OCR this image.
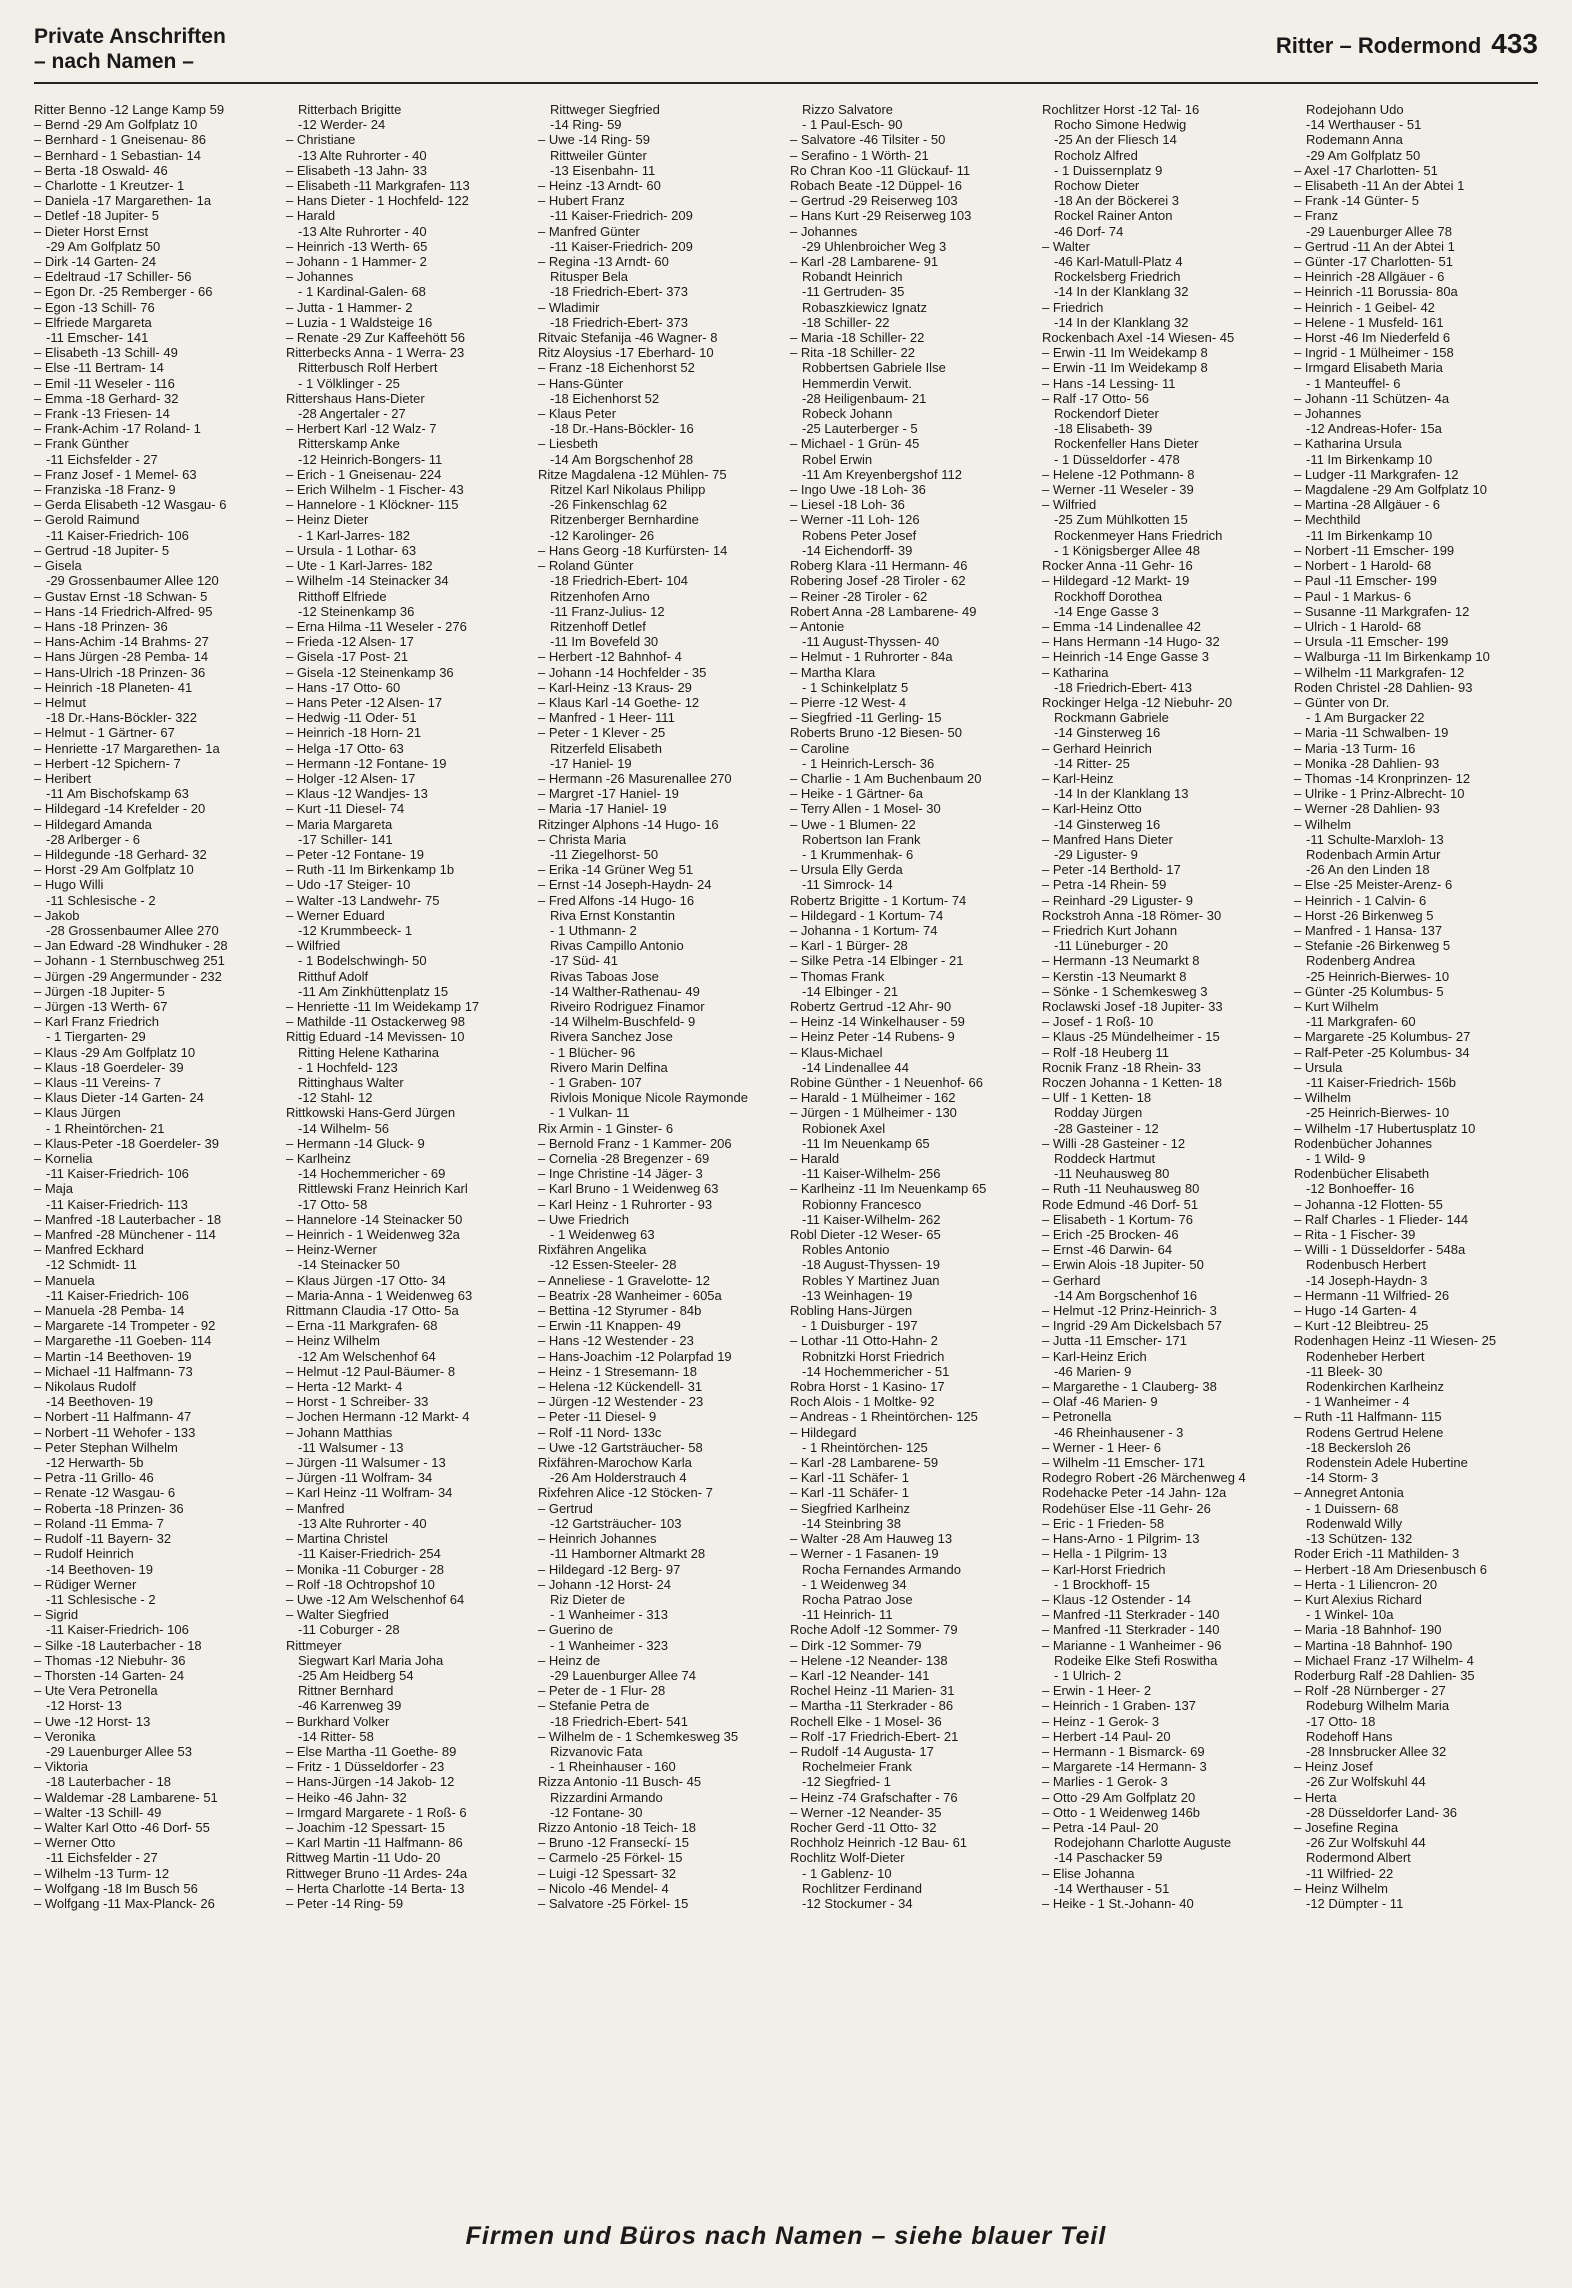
Private Anschriften
– nach Namen –
Ritter – Rodermond 433
Ritter Benno -12 Lange Kamp 59
– Bernd -29 Am Golfplatz 10
– Bernhard - 1 Gneisenau- 86
– Bernhard - 1 Sebastian- 14
– Berta -18 Oswald- 46
– Charlotte - 1 Kreutzer- 1
– Daniela -17 Margarethen- 1a
– Detlef -18 Jupiter- 5
– Dieter Horst Ernst
-29 Am Golfplatz 50
– Dirk -14 Garten- 24
– Edeltraud -17 Schiller- 56
– Egon Dr. -25 Remberger - 66
– Egon -13 Schill- 76
– Elfriede Margareta
-11 Emscher- 141
– Elisabeth -13 Schill- 49
– Else -11 Bertram- 14
– Emil -11 Weseler - 116
– Emma -18 Gerhard- 32
– Frank -13 Friesen- 14
– Frank-Achim -17 Roland- 1
– Frank Günther
-11 Eichsfelder - 27
– Franz Josef - 1 Memel- 63
– Franziska -18 Franz- 9
– Gerda Elisabeth -12 Wasgau- 6
– Gerold Raimund
-11 Kaiser-Friedrich- 106
– Gertrud -18 Jupiter- 5
– Gisela
-29 Grossenbaumer Allee 120
– Gustav Ernst -18 Schwan- 5
– Hans -14 Friedrich-Alfred- 95
– Hans -18 Prinzen- 36
– Hans-Achim -14 Brahms- 27
– Hans Jürgen -28 Pemba- 14
– Hans-Ulrich -18 Prinzen- 36
– Heinrich -18 Planeten- 41
– Helmut
-18 Dr.-Hans-Böckler- 322
– Helmut - 1 Gärtner- 67
– Henriette -17 Margarethen- 1a
– Herbert -12 Spichern- 7
– Heribert
-11 Am Bischofskamp 63
– Hildegard -14 Krefelder - 20
– Hildegard Amanda
-28 Arlberger - 6
– Hildegunde -18 Gerhard- 32
– Horst -29 Am Golfplatz 10
– Hugo Willi
-11 Schlesische - 2
– Jakob
-28 Grossenbaumer Allee 270
– Jan Edward -28 Windhuker - 28
– Johann - 1 Sternbuschweg 251
– Jürgen -29 Angermunder - 232
– Jürgen -18 Jupiter- 5
– Jürgen -13 Werth- 67
– Karl Franz Friedrich
- 1 Tiergarten- 29
– Klaus -29 Am Golfplatz 10
– Klaus -18 Goerdeler- 39
– Klaus -11 Vereins- 7
– Klaus Dieter -14 Garten- 24
– Klaus Jürgen
- 1 Rheintörchen- 21
– Klaus-Peter -18 Goerdeler- 39
– Kornelia
-11 Kaiser-Friedrich- 106
– Maja
-11 Kaiser-Friedrich- 113
– Manfred -18 Lauterbacher - 18
– Manfred -28 Münchener - 114
– Manfred Eckhard
-12 Schmidt- 11
– Manuela
-11 Kaiser-Friedrich- 106
– Manuela -28 Pemba- 14
– Margarete -14 Trompeter - 92
– Margarethe -11 Goeben- 114
– Martin -14 Beethoven- 19
– Michael -11 Halfmann- 73
– Nikolaus Rudolf
-14 Beethoven- 19
– Norbert -11 Halfmann- 47
– Norbert -11 Wehofer - 133
– Peter Stephan Wilhelm
-12 Herwarth- 5b
– Petra -11 Grillo- 46
– Renate -12 Wasgau- 6
– Roberta -18 Prinzen- 36
– Roland -11 Emma- 7
– Rudolf -11 Bayern- 32
– Rudolf Heinrich
-14 Beethoven- 19
– Rüdiger Werner
-11 Schlesische - 2
– Sigrid
-11 Kaiser-Friedrich- 106
– Silke -18 Lauterbacher - 18
– Thomas -12 Niebuhr- 36
– Thorsten -14 Garten- 24
– Ute Vera Petronella
-12 Horst- 13
– Uwe -12 Horst- 13
– Veronika
-29 Lauenburger Allee 53
– Viktoria
-18 Lauterbacher - 18
– Waldemar -28 Lambarene- 51
– Walter -13 Schill- 49
– Walter Karl Otto -46 Dorf- 55
– Werner Otto
-11 Eichsfelder - 27
– Wilhelm -13 Turm- 12
– Wolfgang -18 Im Busch 56
– Wolfgang -11 Max-Planck- 26
Ritterbach Brigitte
-12 Werder- 24
– Christiane
-13 Alte Ruhrorter - 40
– Elisabeth -13 Jahn- 33
– Elisabeth -11 Markgrafen- 113
– Hans Dieter - 1 Hochfeld- 122
– Harald
-13 Alte Ruhrorter - 40
– Heinrich -13 Werth- 65
– Johann - 1 Hammer- 2
– Johannes
- 1 Kardinal-Galen- 68
– Jutta - 1 Hammer- 2
– Luzia - 1 Waldsteige 16
– Renate -29 Zur Kaffeehött 56
Ritterbecks Anna - 1 Werra- 23
Ritterbusch Rolf Herbert
- 1 Völklinger - 25
Rittershaus Hans-Dieter
-28 Angertaler - 27
– Herbert Karl -12 Walz- 7
Ritterskamp Anke
-12 Heinrich-Bongers- 11
– Erich - 1 Gneisenau- 224
– Erich Wilhelm - 1 Fischer- 43
– Hannelore - 1 Klöckner- 115
– Heinz Dieter
- 1 Karl-Jarres- 182
– Ursula - 1 Lothar- 63
– Ute - 1 Karl-Jarres- 182
– Wilhelm -14 Steinacker 34
Ritthoff Elfriede
-12 Steinenkamp 36
– Erna Hilma -11 Weseler - 276
– Frieda -12 Alsen- 17
– Gisela -17 Post- 21
– Gisela -12 Steinenkamp 36
– Hans -17 Otto- 60
– Hans Peter -12 Alsen- 17
– Hedwig -11 Oder- 51
– Heinrich -18 Horn- 21
– Helga -17 Otto- 63
– Hermann -12 Fontane- 19
– Holger -12 Alsen- 17
– Klaus -12 Wandjes- 13
– Kurt -11 Diesel- 74
– Maria Margareta
-17 Schiller- 141
– Peter -12 Fontane- 19
– Ruth -11 Im Birkenkamp 1b
– Udo -17 Steiger- 10
– Walter -13 Landwehr- 75
– Werner Eduard
-12 Krummbeeck- 1
– Wilfried
- 1 Bodelschwingh- 50
Ritthuf Adolf
-11 Am Zinkhüttenplatz 15
– Henriette -11 Im Weidekamp 17
– Mathilde -11 Ostackerweg 98
Rittig Eduard -14 Mevissen- 10
Ritting Helene Katharina
- 1 Hochfeld- 123
Rittinghaus Walter
-12 Stahl- 12
Rittkowski Hans-Gerd Jürgen
-14 Wilhelm- 56
– Hermann -14 Gluck- 9
– Karlheinz
-14 Hochemmericher - 69
Rittlewski Franz Heinrich Karl
-17 Otto- 58
– Hannelore -14 Steinacker 50
– Heinrich - 1 Weidenweg 32a
– Heinz-Werner
-14 Steinacker 50
– Klaus Jürgen -17 Otto- 34
– Maria-Anna - 1 Weidenweg 63
Rittmann Claudia -17 Otto- 5a
– Erna -11 Markgrafen- 68
– Heinz Wilhelm
-12 Am Welschenhof 64
– Helmut -12 Paul-Bäumer- 8
– Herta -12 Markt- 4
– Horst - 1 Schreiber- 33
– Jochen Hermann -12 Markt- 4
– Johann Matthias
-11 Walsumer - 13
– Jürgen -11 Walsumer - 13
– Jürgen -11 Wolfram- 34
– Karl Heinz -11 Wolfram- 34
– Manfred
-13 Alte Ruhrorter - 40
– Martina Christel
-11 Kaiser-Friedrich- 254
– Monika -11 Coburger - 28
– Rolf -18 Ochtropshof 10
– Uwe -12 Am Welschenhof 64
– Walter Siegfried
-11 Coburger - 28
Rittmeyer
Siegwart Karl Maria Joha
-25 Am Heidberg 54
Rittner Bernhard
-46 Karrenweg 39
– Burkhard Volker
-14 Ritter- 58
– Else Martha -11 Goethe- 89
– Fritz - 1 Düsseldorfer - 23
– Hans-Jürgen -14 Jakob- 12
– Heiko -46 Jahn- 32
– Irmgard Margarete - 1 Roß- 6
– Joachim -12 Spessart- 15
– Karl Martin -11 Halfmann- 86
Rittweg Martin -11 Udo- 20
Rittweger Bruno -11 Ardes- 24a
– Herta Charlotte -14 Berta- 13
– Peter -14 Ring- 59
Rittweger Siegfried
-14 Ring- 59
– Uwe -14 Ring- 59
Rittweiler Günter
-13 Eisenbahn- 11
– Heinz -13 Arndt- 60
– Hubert Franz
-11 Kaiser-Friedrich- 209
– Manfred Günter
-11 Kaiser-Friedrich- 209
– Regina -13 Arndt- 60
Ritusper Bela
-18 Friedrich-Ebert- 373
– Wladimir
-18 Friedrich-Ebert- 373
Ritvaic Stefanija -46 Wagner- 8
Ritz Aloysius -17 Eberhard- 10
– Franz -18 Eichenhorst 52
– Hans-Günter
-18 Eichenhorst 52
– Klaus Peter
-18 Dr.-Hans-Böckler- 16
– Liesbeth
-14 Am Borgschenhof 28
Ritze Magdalena -12 Mühlen- 75
Ritzel Karl Nikolaus Philipp
-26 Finkenschlag 62
Ritzenberger Bernhardine
-12 Karolinger- 26
– Hans Georg -18 Kurfürsten- 14
– Roland Günter
-18 Friedrich-Ebert- 104
Ritzenhofen Arno
-11 Franz-Julius- 12
Ritzenhoff Detlef
-11 Im Bovefeld 30
– Herbert -12 Bahnhof- 4
– Johann -14 Hochfelder - 35
– Karl-Heinz -13 Kraus- 29
– Klaus Karl -14 Goethe- 12
– Manfred - 1 Heer- 111
– Peter - 1 Klever - 25
Ritzerfeld Elisabeth
-17 Haniel- 19
– Hermann -26 Masurenallee 270
– Margret -17 Haniel- 19
– Maria -17 Haniel- 19
Ritzinger Alphons -14 Hugo- 16
– Christa Maria
-11 Ziegelhorst- 50
– Erika -14 Grüner Weg 51
– Ernst -14 Joseph-Haydn- 24
– Fred Alfons -14 Hugo- 16
Riva Ernst Konstantin
- 1 Uthmann- 2
Rivas Campillo Antonio
-17 Süd- 41
Rivas Taboas Jose
-14 Walther-Rathenau- 49
Riveiro Rodriguez Finamor
-14 Wilhelm-Buschfeld- 9
Rivera Sanchez Jose
- 1 Blücher- 96
Rivero Marin Delfina
- 1 Graben- 107
Rivlois Monique Nicole Raymonde
- 1 Vulkan- 11
Rix Armin - 1 Ginster- 6
– Bernold Franz - 1 Kammer- 206
– Cornelia -28 Bregenzer - 69
– Inge Christine -14 Jäger- 3
– Karl Bruno - 1 Weidenweg 63
– Karl Heinz - 1 Ruhrorter - 93
– Uwe Friedrich
- 1 Weidenweg 63
Rixfähren Angelika
-12 Essen-Steeler- 28
– Anneliese - 1 Gravelotte- 12
– Beatrix -28 Wanheimer - 605a
– Bettina -12 Styrumer - 84b
– Erwin -11 Knappen- 49
– Hans -12 Westender - 23
– Hans-Joachim -12 Polarpfad 19
– Heinz - 1 Stresemann- 18
– Helena -12 Kückendell- 31
– Jürgen -12 Westender - 23
– Peter -11 Diesel- 9
– Rolf -11 Nord- 133c
– Uwe -12 Gartsträucher- 58
Rixfähren-Marochow Karla
-26 Am Holderstrauch 4
Rixfehren Alice -12 Stöcken- 7
– Gertrud
-12 Gartsträucher- 103
– Heinrich Johannes
-11 Hamborner Altmarkt 28
– Hildegard -12 Berg- 97
– Johann -12 Horst- 24
Riz Dieter de
- 1 Wanheimer - 313
– Guerino de
- 1 Wanheimer - 323
– Heinz de
-29 Lauenburger Allee 74
– Peter de - 1 Flur- 28
– Stefanie Petra de
-18 Friedrich-Ebert- 541
– Wilhelm de - 1 Schemkesweg 35
Rizvanovic Fata
- 1 Rheinhauser - 160
Rizza Antonio -11 Busch- 45
Rizzardini Armando
-12 Fontane- 30
Rizzo Antonio -18 Teich- 18
– Bruno -12 Franseckí- 15
– Carmelo -25 Förkel- 15
– Luigi -12 Spessart- 32
– Nicolo -46 Mendel- 4
– Salvatore -25 Förkel- 15
Rizzo Salvatore
- 1 Paul-Esch- 90
– Salvatore -46 Tilsiter - 50
– Serafino - 1 Wörth- 21
Ro Chran Koo -11 Glückauf- 11
Robach Beate -12 Düppel- 16
– Gertrud -29 Reiserweg 103
– Hans Kurt -29 Reiserweg 103
– Johannes
-29 Uhlenbroicher Weg 3
– Karl -28 Lambarene- 91
Robandt Heinrich
-11 Gertruden- 35
Robaszkiewicz Ignatz
-18 Schiller- 22
– Maria -18 Schiller- 22
– Rita -18 Schiller- 22
Robbertsen Gabriele Ilse
Hemmerdin Verwit.
-28 Heiligenbaum- 21
Robeck Johann
-25 Lauterberger - 5
– Michael - 1 Grün- 45
Robel Erwin
-11 Am Kreyenbergshof 112
– Ingo Uwe -18 Loh- 36
– Liesel -18 Loh- 36
– Werner -11 Loh- 126
Robens Peter Josef
-14 Eichendorff- 39
Roberg Klara -11 Hermann- 46
Robering Josef -28 Tiroler - 62
– Reiner -28 Tiroler - 62
Robert Anna -28 Lambarene- 49
– Antonie
-11 August-Thyssen- 40
– Helmut - 1 Ruhrorter - 84a
– Martha Klara
- 1 Schinkelplatz 5
– Pierre -12 West- 4
– Siegfried -11 Gerling- 15
Roberts Bruno -12 Biesen- 50
– Caroline
- 1 Heinrich-Lersch- 36
– Charlie - 1 Am Buchenbaum 20
– Heike - 1 Gärtner- 6a
– Terry Allen - 1 Mosel- 30
– Uwe - 1 Blumen- 22
Robertson Ian Frank
- 1 Krummenhak- 6
– Ursula Elly Gerda
-11 Simrock- 14
Robertz Brigitte - 1 Kortum- 74
– Hildegard - 1 Kortum- 74
– Johanna - 1 Kortum- 74
– Karl - 1 Bürger- 28
– Silke Petra -14 Elbinger - 21
– Thomas Frank
-14 Elbinger - 21
Robertz Gertrud -12 Ahr- 90
– Heinz -14 Winkelhauser - 59
– Heinz Peter -14 Rubens- 9
– Klaus-Michael
-14 Lindenallee 44
Robine Günther - 1 Neuenhof- 66
– Harald - 1 Mülheimer - 162
– Jürgen - 1 Mülheimer - 130
Robionek Axel
-11 Im Neuenkamp 65
– Harald
-11 Kaiser-Wilhelm- 256
– Karlheinz -11 Im Neuenkamp 65
Robionny Francesco
-11 Kaiser-Wilhelm- 262
Robl Dieter -12 Weser- 65
Robles Antonio
-18 August-Thyssen- 19
Robles Y Martinez Juan
-13 Weinhagen- 19
Robling Hans-Jürgen
- 1 Duisburger - 197
– Lothar -11 Otto-Hahn- 2
Robnitzki Horst Friedrich
-14 Hochemmericher - 51
Robra Horst - 1 Kasino- 17
Roch Alois - 1 Moltke- 92
– Andreas - 1 Rheintörchen- 125
– Hildegard
- 1 Rheintörchen- 125
– Karl -28 Lambarene- 59
– Karl -11 Schäfer- 1
– Karl -11 Schäfer- 1
– Siegfried Karlheinz
-14 Steinbring 38
– Walter -28 Am Hauweg 13
– Werner - 1 Fasanen- 19
Rocha Fernandes Armando
- 1 Weidenweg 34
Rocha Patrao Jose
-11 Heinrich- 11
Roche Adolf -12 Sommer- 79
– Dirk -12 Sommer- 79
– Helene -12 Neander- 138
– Karl -12 Neander- 141
Rochel Heinz -11 Marien- 31
– Martha -11 Sterkrader - 86
Rochell Elke - 1 Mosel- 36
– Rolf -17 Friedrich-Ebert- 21
– Rudolf -14 Augusta- 17
Rochelmeier Frank
-12 Siegfried- 1
– Heinz -74 Grafschafter - 76
– Werner -12 Neander- 35
Rocher Gerd -11 Otto- 32
Rochholz Heinrich -12 Bau- 61
Rochlitz Wolf-Dieter
- 1 Gablenz- 10
Rochlitzer Ferdinand
-12 Stockumer - 34
Rochlitzer Horst -12 Tal- 16
Rocho Simone Hedwig
-25 An der Fliesch 14
Rocholz Alfred
- 1 Duissernplatz 9
Rochow Dieter
-18 An der Böckerei 3
Rockel Rainer Anton
-46 Dorf- 74
– Walter
-46 Karl-Matull-Platz 4
Rockelsberg Friedrich
-14 In der Klanklang 32
– Friedrich
-14 In der Klanklang 32
Rockenbach Axel -14 Wiesen- 45
– Erwin -11 Im Weidekamp 8
– Erwin -11 Im Weidekamp 8
– Hans -14 Lessing- 11
– Ralf -17 Otto- 56
Rockendorf Dieter
-18 Elisabeth- 39
Rockenfeller Hans Dieter
- 1 Düsseldorfer - 478
– Helene -12 Pothmann- 8
– Werner -11 Weseler - 39
– Wilfried
-25 Zum Mühlkotten 15
Rockenmeyer Hans Friedrich
- 1 Königsberger Allee 48
Rocker Anna -11 Gehr- 16
– Hildegard -12 Markt- 19
Rockhoff Dorothea
-14 Enge Gasse 3
– Emma -14 Lindenallee 42
– Hans Hermann -14 Hugo- 32
– Heinrich -14 Enge Gasse 3
– Katharina
-18 Friedrich-Ebert- 413
Rockinger Helga -12 Niebuhr- 20
Rockmann Gabriele
-14 Ginsterweg 16
– Gerhard Heinrich
-14 Ritter- 25
– Karl-Heinz
-14 In der Klanklang 13
– Karl-Heinz Otto
-14 Ginsterweg 16
– Manfred Hans Dieter
-29 Liguster- 9
– Peter -14 Berthold- 17
– Petra -14 Rhein- 59
– Reinhard -29 Liguster- 9
Rockstroh Anna -18 Römer- 30
– Friedrich Kurt Johann
-11 Lüneburger - 20
– Hermann -13 Neumarkt 8
– Kerstin -13 Neumarkt 8
– Sönke - 1 Schemkesweg 3
Roclawski Josef -18 Jupiter- 33
– Josef - 1 Roß- 10
– Klaus -25 Mündelheimer - 15
– Rolf -18 Heuberg 11
Rocnik Franz -18 Rhein- 33
Roczen Johanna - 1 Ketten- 18
– Ulf - 1 Ketten- 18
Rodday Jürgen
-28 Gasteiner - 12
– Willi -28 Gasteiner - 12
Roddeck Hartmut
-11 Neuhausweg 80
– Ruth -11 Neuhausweg 80
Rode Edmund -46 Dorf- 51
– Elisabeth - 1 Kortum- 76
– Erich -25 Brocken- 46
– Ernst -46 Darwin- 64
– Erwin Alois -18 Jupiter- 50
– Gerhard
-14 Am Borgschenhof 16
– Helmut -12 Prinz-Heinrich- 3
– Ingrid -29 Am Dickelsbach 57
– Jutta -11 Emscher- 171
– Karl-Heinz Erich
-46 Marien- 9
– Margarethe - 1 Clauberg- 38
– Olaf -46 Marien- 9
– Petronella
-46 Rheinhausener - 3
– Werner - 1 Heer- 6
– Wilhelm -11 Emscher- 171
Rodegro Robert -26 Märchenweg 4
Rodehacke Peter -14 Jahn- 12a
Rodehüser Else -11 Gehr- 26
– Eric - 1 Frieden- 58
– Hans-Arno - 1 Pilgrim- 13
– Hella - 1 Pilgrim- 13
– Karl-Horst Friedrich
- 1 Brockhoff- 15
– Klaus -12 Ostender - 14
– Manfred -11 Sterkrader - 140
– Manfred -11 Sterkrader - 140
– Marianne - 1 Wanheimer - 96
Rodeike Elke Stefi Roswitha
- 1 Ulrich- 2
– Erwin - 1 Heer- 2
– Heinrich - 1 Graben- 137
– Heinz - 1 Gerok- 3
– Herbert -14 Paul- 20
– Hermann - 1 Bismarck- 69
– Margarete -14 Hermann- 3
– Marlies - 1 Gerok- 3
– Otto -29 Am Golfplatz 20
– Otto - 1 Weidenweg 146b
– Petra -14 Paul- 20
Rodejohann Charlotte Auguste
-14 Paschacker 59
– Elise Johanna
-14 Werthauser - 51
– Heike - 1 St.-Johann- 40
Rodejohann Udo
-14 Werthauser - 51
Rodemann Anna
-29 Am Golfplatz 50
– Axel -17 Charlotten- 51
– Elisabeth -11 An der Abtei 1
– Frank -14 Günter- 5
– Franz
-29 Lauenburger Allee 78
– Gertrud -11 An der Abtei 1
– Günter -17 Charlotten- 51
– Heinrich -28 Allgäuer - 6
– Heinrich -11 Borussia- 80a
– Heinrich - 1 Geibel- 42
– Helene - 1 Musfeld- 161
– Horst -46 Im Niederfeld 6
– Ingrid - 1 Mülheimer - 158
– Irmgard Elisabeth Maria
- 1 Manteuffel- 6
– Johann -11 Schützen- 4a
– Johannes
-12 Andreas-Hofer- 15a
– Katharina Ursula
-11 Im Birkenkamp 10
– Ludger -11 Markgrafen- 12
– Magdalene -29 Am Golfplatz 10
– Martina -28 Allgäuer - 6
– Mechthild
-11 Im Birkenkamp 10
– Norbert -11 Emscher- 199
– Norbert - 1 Harold- 68
– Paul -11 Emscher- 199
– Paul - 1 Markus- 6
– Susanne -11 Markgrafen- 12
– Ulrich - 1 Harold- 68
– Ursula -11 Emscher- 199
– Walburga -11 Im Birkenkamp 10
– Wilhelm -11 Markgrafen- 12
Roden Christel -28 Dahlien- 93
– Günter von Dr.
- 1 Am Burgacker 22
– Maria -11 Schwalben- 19
– Maria -13 Turm- 16
– Monika -28 Dahlien- 93
– Thomas -14 Kronprinzen- 12
– Ulrike - 1 Prinz-Albrecht- 10
– Werner -28 Dahlien- 93
– Wilhelm
-11 Schulte-Marxloh- 13
Rodenbach Armin Artur
-26 An den Linden 18
– Else -25 Meister-Arenz- 6
– Heinrich - 1 Calvin- 6
– Horst -26 Birkenweg 5
– Manfred - 1 Hansa- 137
– Stefanie -26 Birkenweg 5
Rodenberg Andrea
-25 Heinrich-Bierwes- 10
– Günter -25 Kolumbus- 5
– Kurt Wilhelm
-11 Markgrafen- 60
– Margarete -25 Kolumbus- 27
– Ralf-Peter -25 Kolumbus- 34
– Ursula
-11 Kaiser-Friedrich- 156b
– Wilhelm
-25 Heinrich-Bierwes- 10
– Wilhelm -17 Hubertusplatz 10
Rodenbücher Johannes
- 1 Wild- 9
Rodenbücher Elisabeth
-12 Bonhoeffer- 16
– Johanna -12 Flotten- 55
– Ralf Charles - 1 Flieder- 144
– Rita - 1 Fischer- 39
– Willi - 1 Düsseldorfer - 548a
Rodenbusch Herbert
-14 Joseph-Haydn- 3
– Hermann -11 Wilfried- 26
– Hugo -14 Garten- 4
– Kurt -12 Bleibtreu- 25
Rodenhagen Heinz -11 Wiesen- 25
Rodenheber Herbert
-11 Bleek- 30
Rodenkirchen Karlheinz
- 1 Wanheimer - 4
– Ruth -11 Halfmann- 115
Rodens Gertrud Helene
-18 Beckersloh 26
Rodenstein Adele Hubertine
-14 Storm- 3
– Annegret Antonia
- 1 Duissern- 68
Rodenwald Willy
-13 Schützen- 132
Roder Erich -11 Mathilden- 3
– Herbert -18 Am Driesenbusch 6
– Herta - 1 Liliencron- 20
– Kurt Alexius Richard
- 1 Winkel- 10a
– Maria -18 Bahnhof- 190
– Martina -18 Bahnhof- 190
– Michael Franz -17 Wilhelm- 4
Roderburg Ralf -28 Dahlien- 35
– Rolf -28 Nürnberger - 27
Rodeburg Wilhelm Maria
-17 Otto- 18
Rodehoff Hans
-28 Innsbrucker Allee 32
– Heinz Josef
-26 Zur Wolfskuhl 44
– Herta
-28 Düsseldorfer Land- 36
– Josefine Regina
-26 Zur Wolfskuhl 44
Rodermond Albert
-11 Wilfried- 22
– Heinz Wilhelm
-12 Dümpter - 11
Firmen und Büros nach Namen – siehe blauer Teil
